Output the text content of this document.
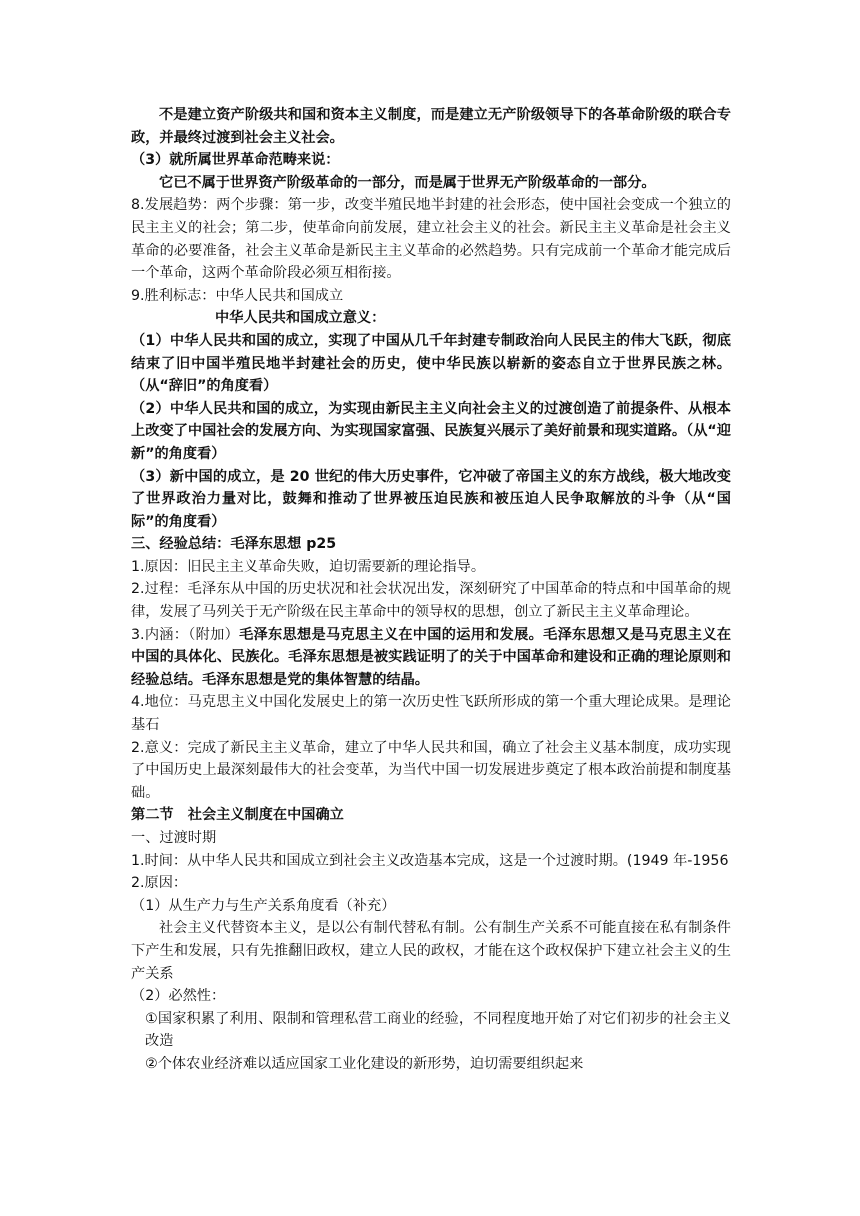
不是建立资产阶级共和国和资本主义制度，而是建立无产阶级领导下的各革命阶级的联合专政，并最终过渡到社会主义社会。

（3）就所属世界革命范畴来说：

它已不属于世界资产阶级革命的一部分，而是属于世界无产阶级革命的一部分。

8.发展趋势：两个步骤：第一步，改变半殖民地半封建的社会形态，使中国社会变成一个独立的民主主义的社会；第二步，使革命向前发展，建立社会主义的社会。新民主主义革命是社会主义革命的必要准备，社会主义革命是新民主主义革命的必然趋势。只有完成前一个革命才能完成后一个革命，这两个革命阶段必须互相衔接。

9.胜利标志：中华人民共和国成立

中华人民共和国成立意义：

（1）中华人民共和国的成立，实现了中国从几千年封建专制政治向人民民主的伟大飞跃，彻底结束了旧中国半殖民地半封建社会的历史，使中华民族以崭新的姿态自立于世界民族之林。（从“辞旧”的角度看）

（2）中华人民共和国的成立，为实现由新民主主义向社会主义的过渡创造了前提条件、从根本上改变了中国社会的发展方向、为实现国家富强、民族复兴展示了美好前景和现实道路。（从“迎新”的角度看）

（3）新中国的成立，是 20 世纪的伟大历史事件，它冲破了帝国主义的东方战线，极大地改变了世界政治力量对比，鼓舞和推动了世界被压迫民族和被压迫人民争取解放的斗争（从“国际”的角度看）

三、经验总结：毛泽东思想 p25

1.原因：旧民主主义革命失败，迫切需要新的理论指导。

2.过程：毛泽东从中国的历史状况和社会状况出发，深刻研究了中国革命的特点和中国革命的规律，发展了马列关于无产阶级在民主革命中的领导权的思想，创立了新民主主义革命理论。

3.内涵：（附加）毛泽东思想是马克思主义在中国的运用和发展。毛泽东思想又是马克思主义在中国的具体化、民族化。毛泽东思想是被实践证明了的关于中国革命和建设和正确的理论原则和经验总结。毛泽东思想是党的集体智慧的结晶。

4.地位：马克思主义中国化发展史上的第一次历史性飞跃所形成的第一个重大理论成果。是理论基石

2.意义：完成了新民主主义革命，建立了中华人民共和国，确立了社会主义基本制度，成功实现了中国历史上最深刻最伟大的社会变革，为当代中国一切发展进步奠定了根本政治前提和制度基础。

第二节　社会主义制度在中国确立

一、过渡时期

1.时间：从中华人民共和国成立到社会主义改造基本完成，这是一个过渡时期。(1949 年-1956

2.原因：

（1）从生产力与生产关系角度看（补充）

社会主义代替资本主义，是以公有制代替私有制。公有制生产关系不可能直接在私有制条件下产生和发展，只有先推翻旧政权，建立人民的政权，才能在这个政权保护下建立社会主义的生产关系

（2）必然性：

①国家积累了利用、限制和管理私营工商业的经验，不同程度地开始了对它们初步的社会主义改造

②个体农业经济难以适应国家工业化建设的新形势，迫切需要组织起来
